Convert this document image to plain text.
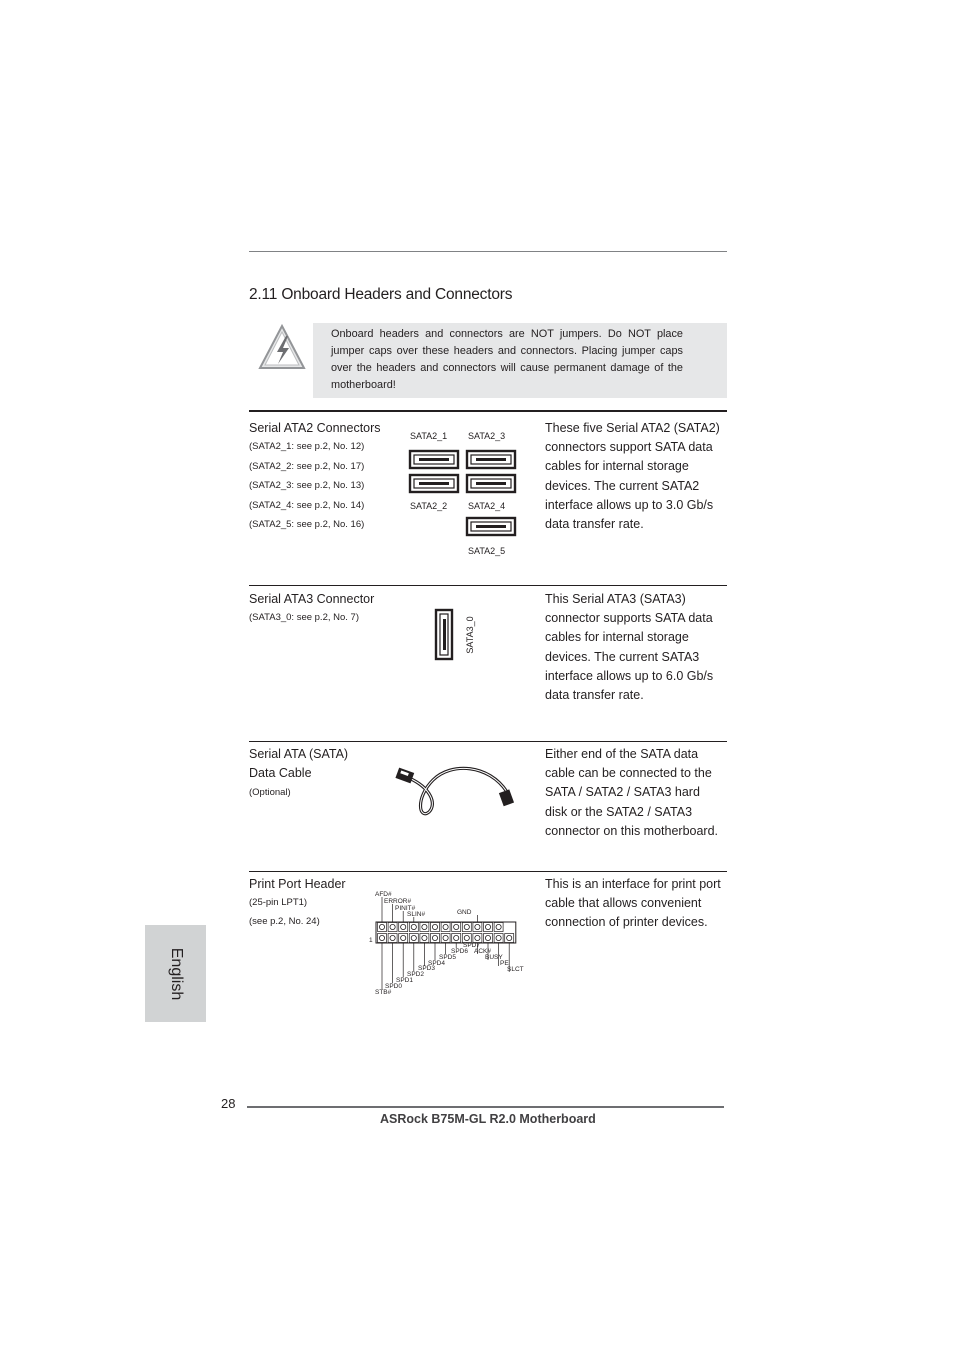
2.11 Onboard Headers and Connectors
Onboard headers and connectors are NOT jumpers. Do NOT place jumper caps over these headers and connectors. Placing jumper caps over the headers and connectors will cause permanent damage of the motherboard!
Serial ATA2 Connectors
(SATA2_1: see p.2, No. 12)
(SATA2_2: see p.2, No. 17)
(SATA2_3: see p.2, No. 13)
(SATA2_4: see p.2, No. 14)
(SATA2_5: see p.2, No. 16)
SATA2_1 SATA2_3
SATA2_2 SATA2_4
SATA2_5
These five Serial ATA2 (SATA2)
connectors support SATA data
cables for internal storage
devices. The current SATA2
interface allows up to 3.0 Gb/s
data transfer rate.
Serial ATA3 Connector
(SATA3_0: see p.2, No. 7)	SATA3_0
This Serial ATA3 (SATA3)
connector supports SATA data
cables for internal storage
devices. The current SATA3
interface allows up to 6.0 Gb/s
data transfer rate.
Serial ATA (SATA)
Data Cable
(Optional)
Either end of the SATA data
cable can be connected to the
SATA / SATA2 / SATA3 hard
disk or the SATA2 / SATA3
connector on this motherboard.
Print Port Header
(25-pin LPT1)
(see p.2, No. 24)
1
AFD#
ERROR#
PINIT#
SLIN#	GND
SPD7
SPD6 ACK#
SPD5	BUSY
SPD4	PE
SPD3	SLCT
SPD2
SPD1
SPD0
STB#
This is an interface for print port
cable that allows convenient
connection of printer devices.
English
28
ASRock B75M-GL R2.0 Motherboard
